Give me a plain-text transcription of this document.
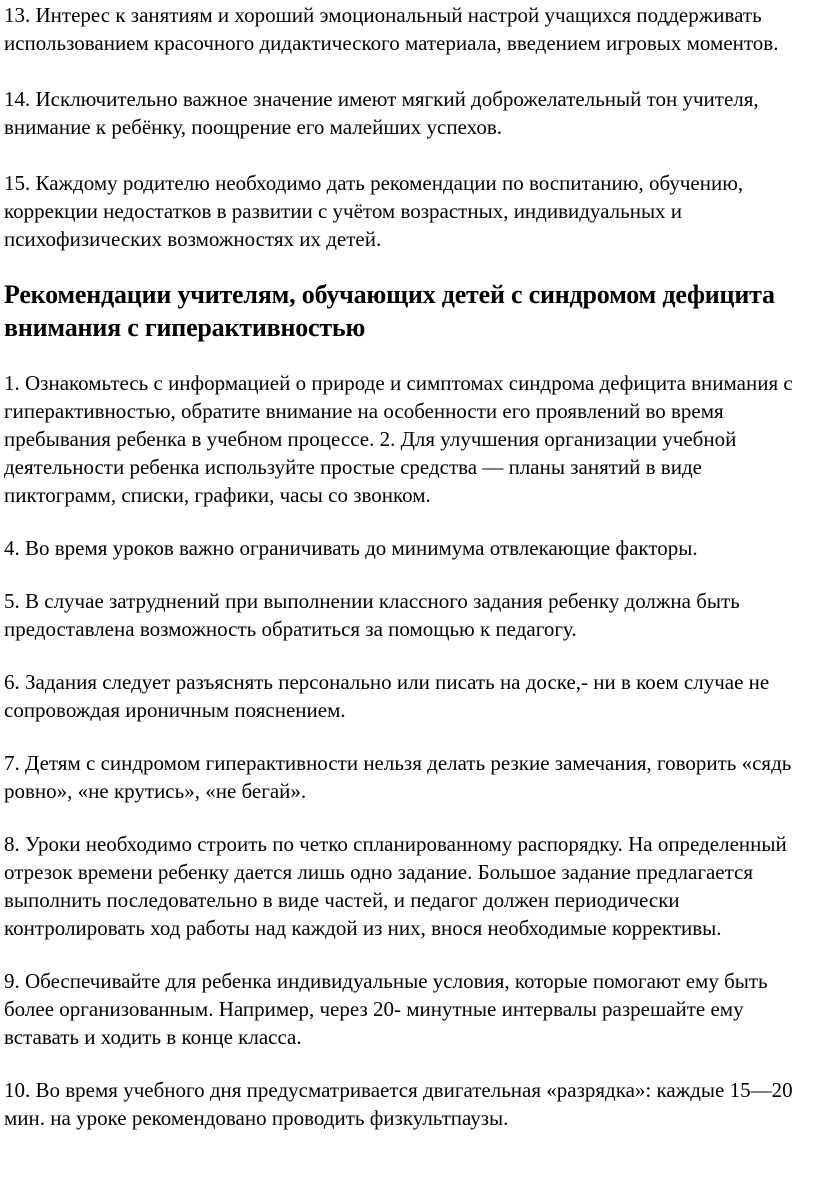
13. Интерес к занятиям и хороший эмоциональный настрой учащихся поддерживать использованием красочного дидактического материала, введением игровых моментов.

14. Исключительно важное значение имеют мягкий доброжелательный тон учителя, внимание к ребёнку, поощрение его малейших успехов.

15. Каждому родителю необходимо дать рекомендации по воспитанию, обучению, коррекции недостатков в развитии с учётом возрастных, индивидуальных и психофизических возможностях их детей.

Рекомендации учителям, обучающих детей с синдромом дефицита внимания с гиперактивностью

1. Ознакомьтесь с информацией о природе и симптомах синдрома дефицита внимания с гиперактивностью, обратите внимание на особенности его проявлений во время пребывания ребенка в учебном процессе. 2. Для улучшения организации учебной деятельности ребенка используйте простые средства — планы занятий в виде пиктограмм, списки, графики, часы со звонком.

4. Во время уроков важно ограничивать до минимума отвлекающие факторы.

5. В случае затруднений при выполнении классного задания ребенку должна быть предоставлена возможность обратиться за помощью к педагогу.

6. Задания следует разъяснять персонально или писать на доске,- ни в коем случае не сопровождая ироничным пояснением.

7. Детям с синдромом гиперактивности нельзя делать резкие замечания, говорить «сядь ровно», «не крутись», «не бегай».

8. Уроки необходимо строить по четко спланированному распорядку. На определенный отрезок времени ребенку дается лишь одно задание. Большое задание предлагается выполнить последовательно в виде частей, и педагог должен периодически контролировать ход работы над каждой из них, внося необходимые коррективы.

9. Обеспечивайте для ребенка индивидуальные условия, которые помогают ему быть более организованным. Например, через 20- минутные интервалы разрешайте ему вставать и ходить в конце класса.

10. Во время учебного дня предусматривается двигательная «разрядка»: каждые 15—20 мин. на уроке рекомендовано проводить физкультпаузы.
